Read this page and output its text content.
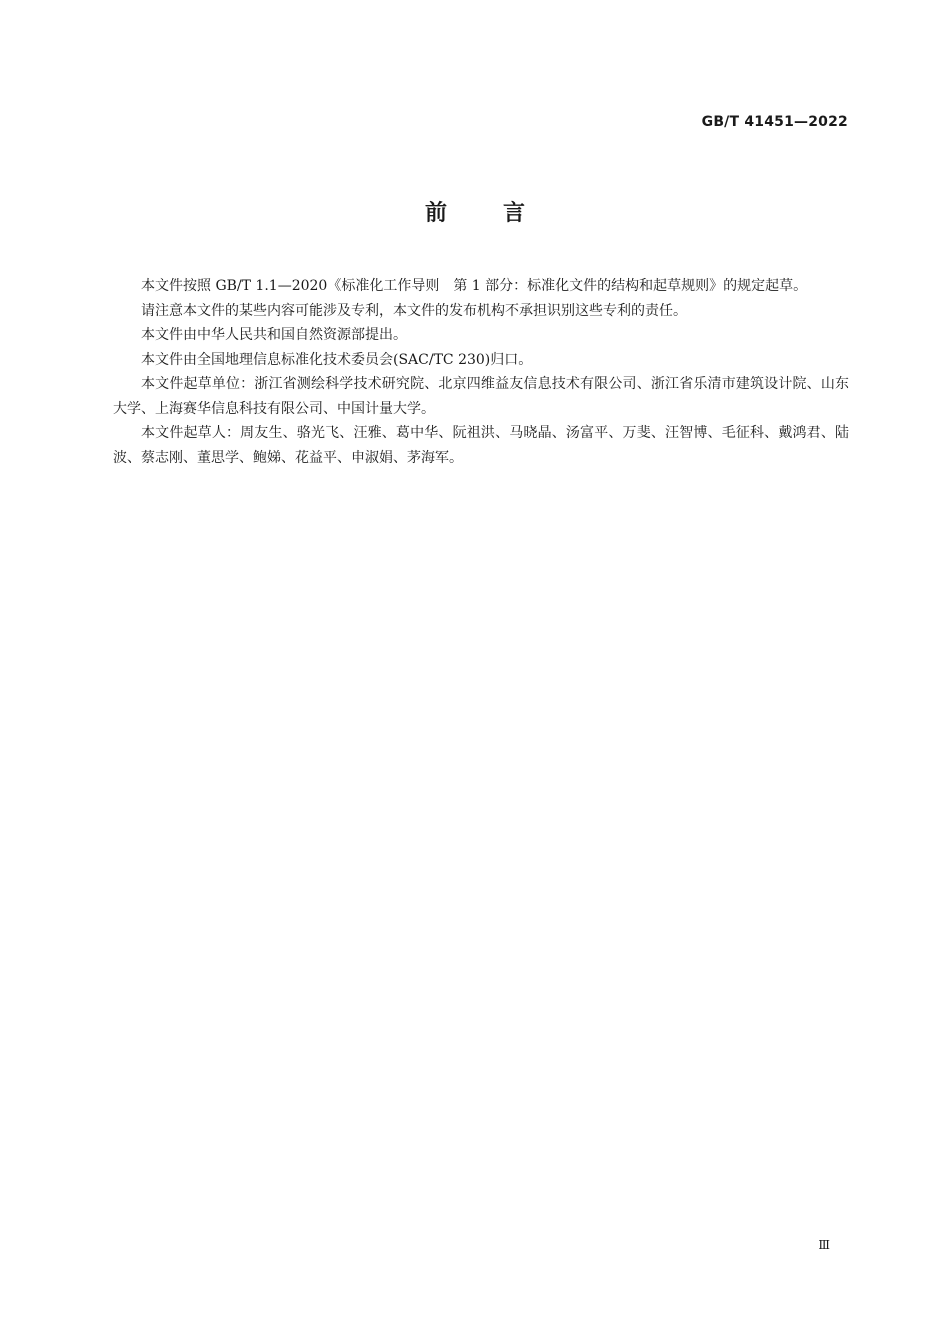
GB/T 41451—2022
前言

本文件按照 GB/T 1.1—2020《标准化工作导则　第 1 部分：标准化文件的结构和起草规则》的规定起草。

请注意本文件的某些内容可能涉及专利，本文件的发布机构不承担识别这些专利的责任。

本文件由中华人民共和国自然资源部提出。

本文件由全国地理信息标准化技术委员会(SAC/TC 230)归口。

本文件起草单位：浙江省测绘科学技术研究院、北京四维益友信息技术有限公司、浙江省乐清市建筑设计院、山东大学、上海赛华信息科技有限公司、中国计量大学。

本文件起草人：周友生、骆光飞、汪雅、葛中华、阮祖洪、马晓晶、汤富平、万斐、汪智博、毛征科、戴鸿君、陆波、蔡志刚、董思学、鲍娣、花益平、申淑娟、茅海军。

Ⅲ
